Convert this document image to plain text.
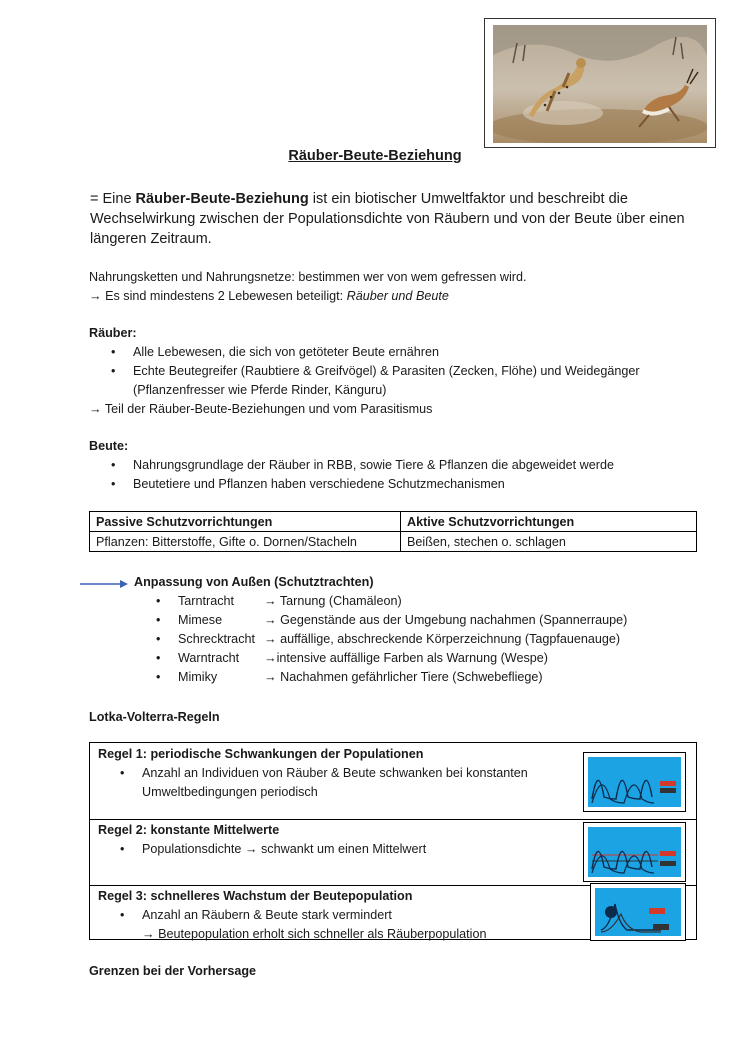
Räuber-Beute-Beziehung
= Eine Räuber-Beute-Beziehung ist ein biotischer Umweltfaktor und beschreibt die Wechselwirkung zwischen der Populationsdichte von Räubern und von der Beute über einen längeren Zeitraum.
Nahrungsketten und Nahrungsnetze: bestimmen wer von wem gefressen wird.
→ Es sind mindestens 2 Lebewesen beteiligt: Räuber und Beute
Räuber:
• Alle Lebewesen, die sich von getöteter Beute ernähren
• Echte Beutegreifer (Raubtiere & Greifvögel) & Parasiten (Zecken, Flöhe) und Weidegänger (Pflanzenfresser wie Pferde Rinder, Känguru)
→ Teil der Räuber-Beute-Beziehungen und vom Parasitismus
Beute:
• Nahrungsgrundlage der Räuber in RBB, sowie Tiere & Pflanzen die abgeweidet werde
• Beutetiere und Pflanzen haben verschiedene Schutzmechanismen
Passive Schutzvorrichtungen	Aktive Schutzvorrichtungen
Pflanzen: Bitterstoffe, Gifte o. Dornen/Stacheln	Beißen, stechen o. schlagen
Anpassung von Außen (Schutztrachten)
• Tarntracht	→ Tarnung (Chamäleon)
• Mimese	→ Gegenstände aus der Umgebung nachahmen (Spannerraupe)
• Schrecktracht → auffällige, abschreckende Körperzeichnung (Tagpfauenauge)
• Warntracht	→intensive auffällige Farben als Warnung (Wespe)
• Mimiky	→ Nachahmen gefährlicher Tiere (Schwebefliege)
Lotka-Volterra-Regeln
Regel 1: periodische Schwankungen der Populationen
• Anzahl an Individuen von Räuber & Beute schwanken bei konstanten Umweltbedingungen periodisch
Regel 2: konstante Mittelwerte
• Populationsdichte → schwankt um einen Mittelwert
Regel 3: schnelleres Wachstum der Beutepopulation
• Anzahl an Räubern & Beute stark vermindert
→ Beutepopulation erholt sich schneller als Räuberpopulation
Grenzen bei der Vorhersage
